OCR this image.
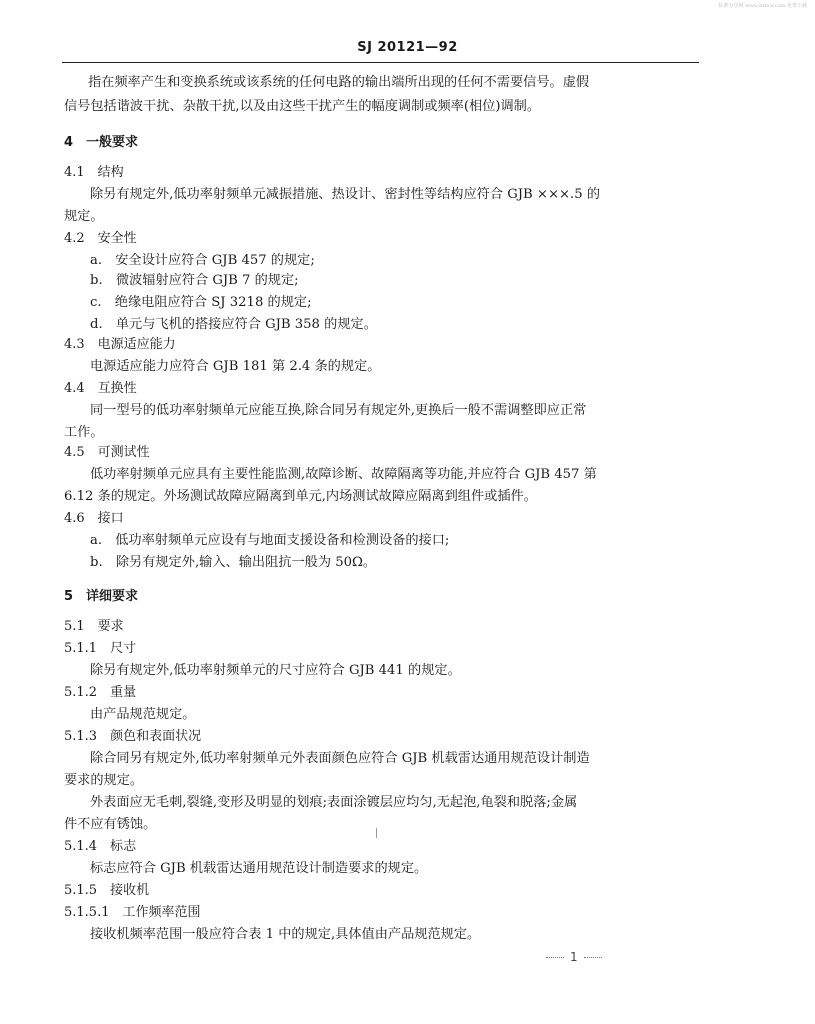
标准分享网 www.bzfxw.com 免费下载
SJ 20121—92
指在频率产生和变换系统或该系统的任何电路的输出端所出现的任何不需要信号。虚假
信号包括谐波干扰、杂散干扰,以及由这些干扰产生的幅度调制或频率(相位)调制。
4　一般要求
4.1　结构
除另有规定外,低功率射频单元减振措施、热设计、密封性等结构应符合 GJB ×××.5 的
规定。
4.2　安全性
a.　安全设计应符合 GJB 457 的规定;
b.　微波辐射应符合 GJB 7 的规定;
c.　绝缘电阻应符合 SJ 3218 的规定;
d.　单元与飞机的搭接应符合 GJB 358 的规定。
4.3　电源适应能力
电源适应能力应符合 GJB 181 第 2.4 条的规定。
4.4　互换性
同一型号的低功率射频单元应能互换,除合同另有规定外,更换后一般不需调整即应正常
工作。
4.5　可测试性
低功率射频单元应具有主要性能监测,故障诊断、故障隔离等功能,并应符合 GJB 457 第
6.12 条的规定。外场测试故障应隔离到单元,内场测试故障应隔离到组件或插件。
4.6　接口
a.　低功率射频单元应设有与地面支援设备和检测设备的接口;
b.　除另有规定外,输入、输出阻抗一般为 50Ω。
5　详细要求
5.1　要求
5.1.1　尺寸
除另有规定外,低功率射频单元的尺寸应符合 GJB 441 的规定。
5.1.2　重量
由产品规范规定。
5.1.3　颜色和表面状况
除合同另有规定外,低功率射频单元外表面颜色应符合 GJB 机载雷达通用规范设计制造
要求的规定。
外表面应无毛刺,裂缝,变形及明显的划痕;表面涂镀层应均匀,无起泡,龟裂和脱落;金属
件不应有锈蚀。
5.1.4　标志
标志应符合 GJB 机载雷达通用规范设计制造要求的规定。
5.1.5　接收机
5.1.5.1　工作频率范围
接收机频率范围一般应符合表 1 中的规定,具体值由产品规范规定。
1
